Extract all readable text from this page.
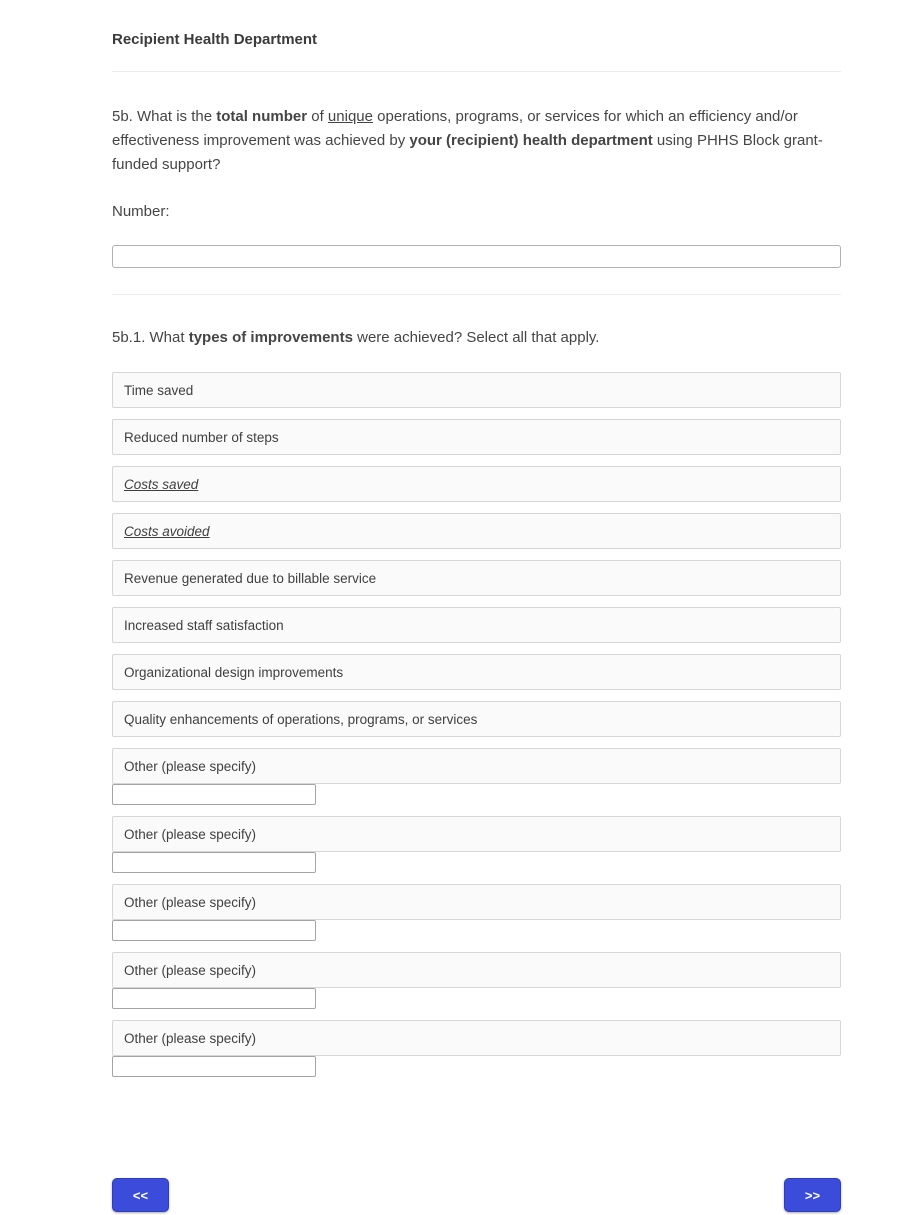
Recipient Health Department
5b. What is the total number of unique operations, programs, or services for which an efficiency and/or effectiveness improvement was achieved by your (recipient) health department using PHHS Block grant-funded support?
Number:
5b.1. What types of improvements were achieved? Select all that apply.
Time saved
Reduced number of steps
Costs saved
Costs avoided
Revenue generated due to billable service
Increased staff satisfaction
Organizational design improvements
Quality enhancements of operations, programs, or services
Other (please specify)
Other (please specify)
Other (please specify)
Other (please specify)
Other (please specify)
<<	>>
